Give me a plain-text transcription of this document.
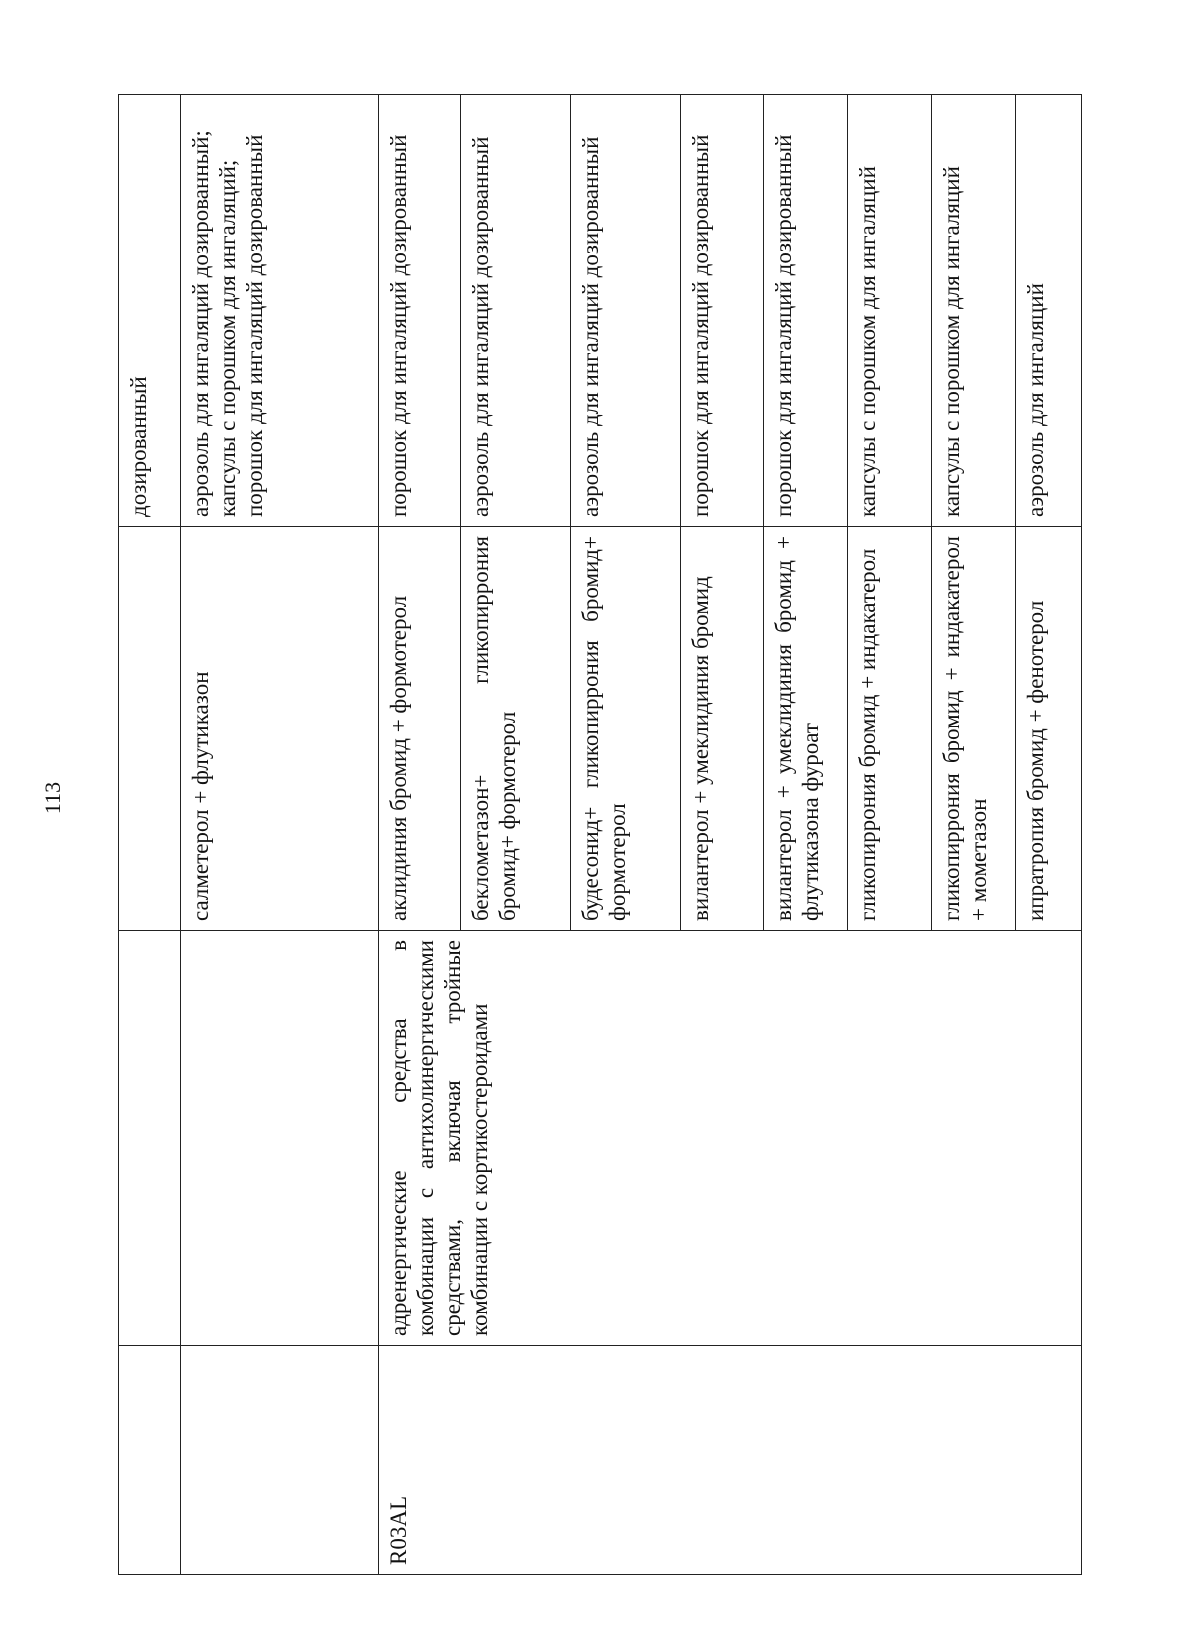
113
			дозированный
		салметерол + флутиказон	аэрозоль для ингаляций дозированный; капсулы с порошком для ингаляций; порошок для ингаляций дозированный

R03AL	адренергические средства в комбинации с антихолинергическими средствами, включая тройные комбинации с кортикостероидами	аклидиния бромид + формотерол	порошок для ингаляций дозированный
		беклометазон+ гликопиррония бромид+ формотерол	аэрозоль для ингаляций дозированный
		будесонид+ гликопиррония бромид+ формотерол	аэрозоль для ингаляций дозированный
		вилантерол + умеклидиния бромид	порошок для ингаляций дозированный
		вилантерол + умеклидиния бромид + флутиказона фуроат	порошок для ингаляций дозированный
		гликопиррония бромид + индакатерол	капсулы с порошком для ингаляций
		гликопиррония бромид + индакатерол + мометазон	капсулы с порошком для ингаляций
		ипратропия бромид + фенотерол	аэрозоль для ингаляций
